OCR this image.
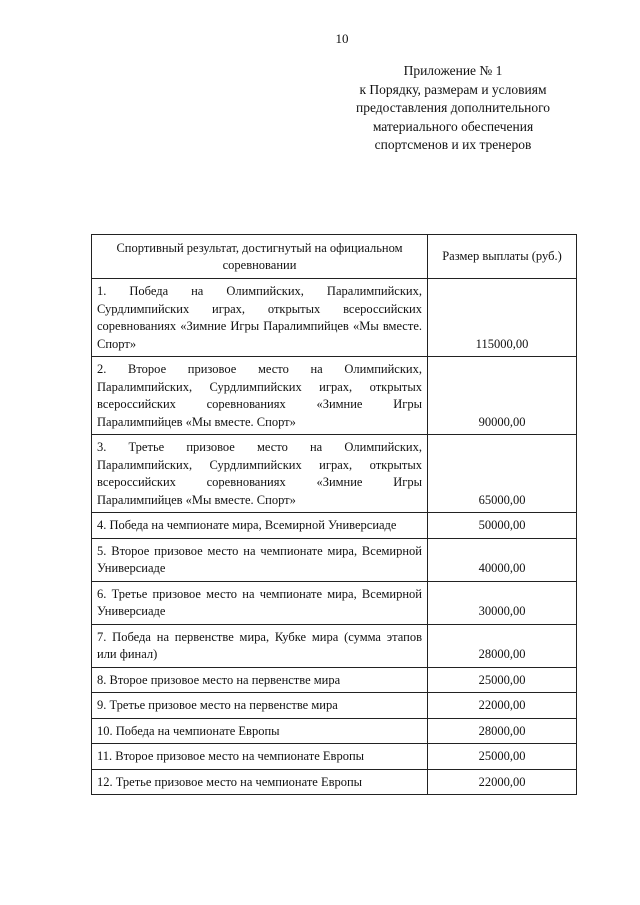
10
Приложение № 1
к Порядку, размерам и условиям
предоставления дополнительного
материального обеспечения
спортсменов и их тренеров
Спортивный результат, достигнутый на официальном соревновании	Размер выплаты (руб.)
1. Победа на Олимпийских, Паралимпийских, Сурдлимпийских играх, открытых всероссийских соревнованиях «Зимние Игры Паралимпийцев «Мы вместе. Спорт»	115000,00
2. Второе призовое место на Олимпийских, Паралимпийских, Сурдлимпийских играх, открытых всероссийских соревнованиях «Зимние Игры Паралимпийцев «Мы вместе. Спорт»	90000,00
3. Третье призовое место на Олимпийских, Паралимпийских, Сурдлимпийских играх, открытых всероссийских соревнованиях «Зимние Игры Паралимпийцев «Мы вместе. Спорт»	65000,00
4. Победа на чемпионате мира, Всемирной Универсиаде	50000,00
5. Второе призовое место на чемпионате мира, Всемирной Универсиаде	40000,00
6. Третье призовое место на чемпионате мира, Всемирной Универсиаде	30000,00
7. Победа на первенстве мира, Кубке мира (сумма этапов или финал)	28000,00
8. Второе призовое место на первенстве мира	25000,00
9. Третье призовое место на первенстве мира	22000,00
10. Победа на чемпионате Европы	28000,00
11. Второе призовое место на чемпионате Европы	25000,00
12. Третье призовое место на чемпионате Европы	22000,00
